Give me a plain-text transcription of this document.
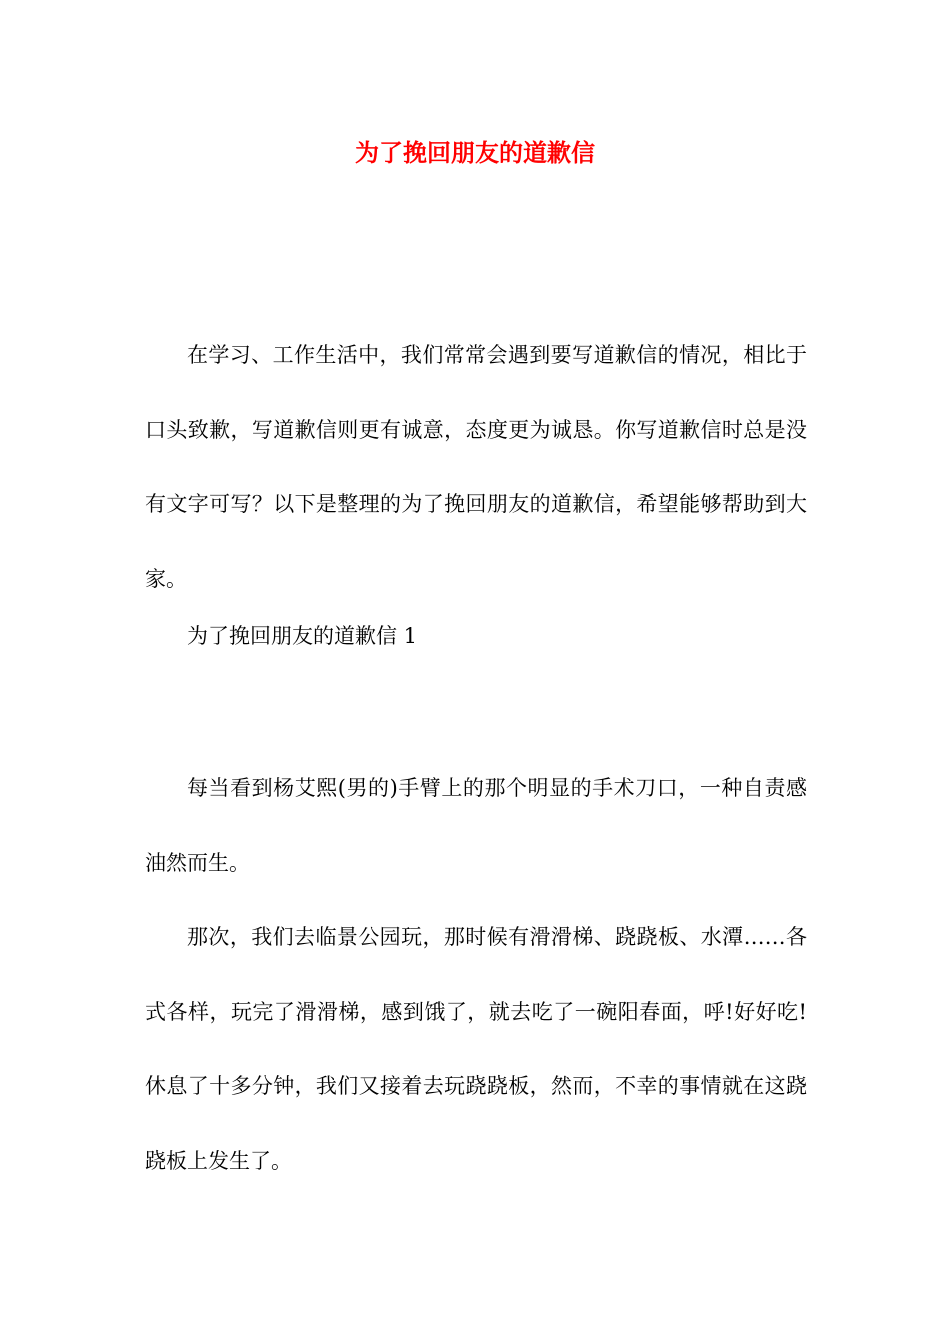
为了挽回朋友的道歉信
在学习、工作生活中，我们常常会遇到要写道歉信的情况，相比于口头致歉，写道歉信则更有诚意，态度更为诚恳。你写道歉信时总是没有文字可写？以下是整理的为了挽回朋友的道歉信，希望能够帮助到大家。
为了挽回朋友的道歉信 1
每当看到杨艾熙(男的)手臂上的那个明显的手术刀口，一种自责感油然而生。
那次，我们去临景公园玩，那时候有滑滑梯、跷跷板、水潭……各式各样，玩完了滑滑梯，感到饿了，就去吃了一碗阳春面，呼!好好吃!休息了十多分钟，我们又接着去玩跷跷板，然而，不幸的事情就在这跷跷板上发生了。
